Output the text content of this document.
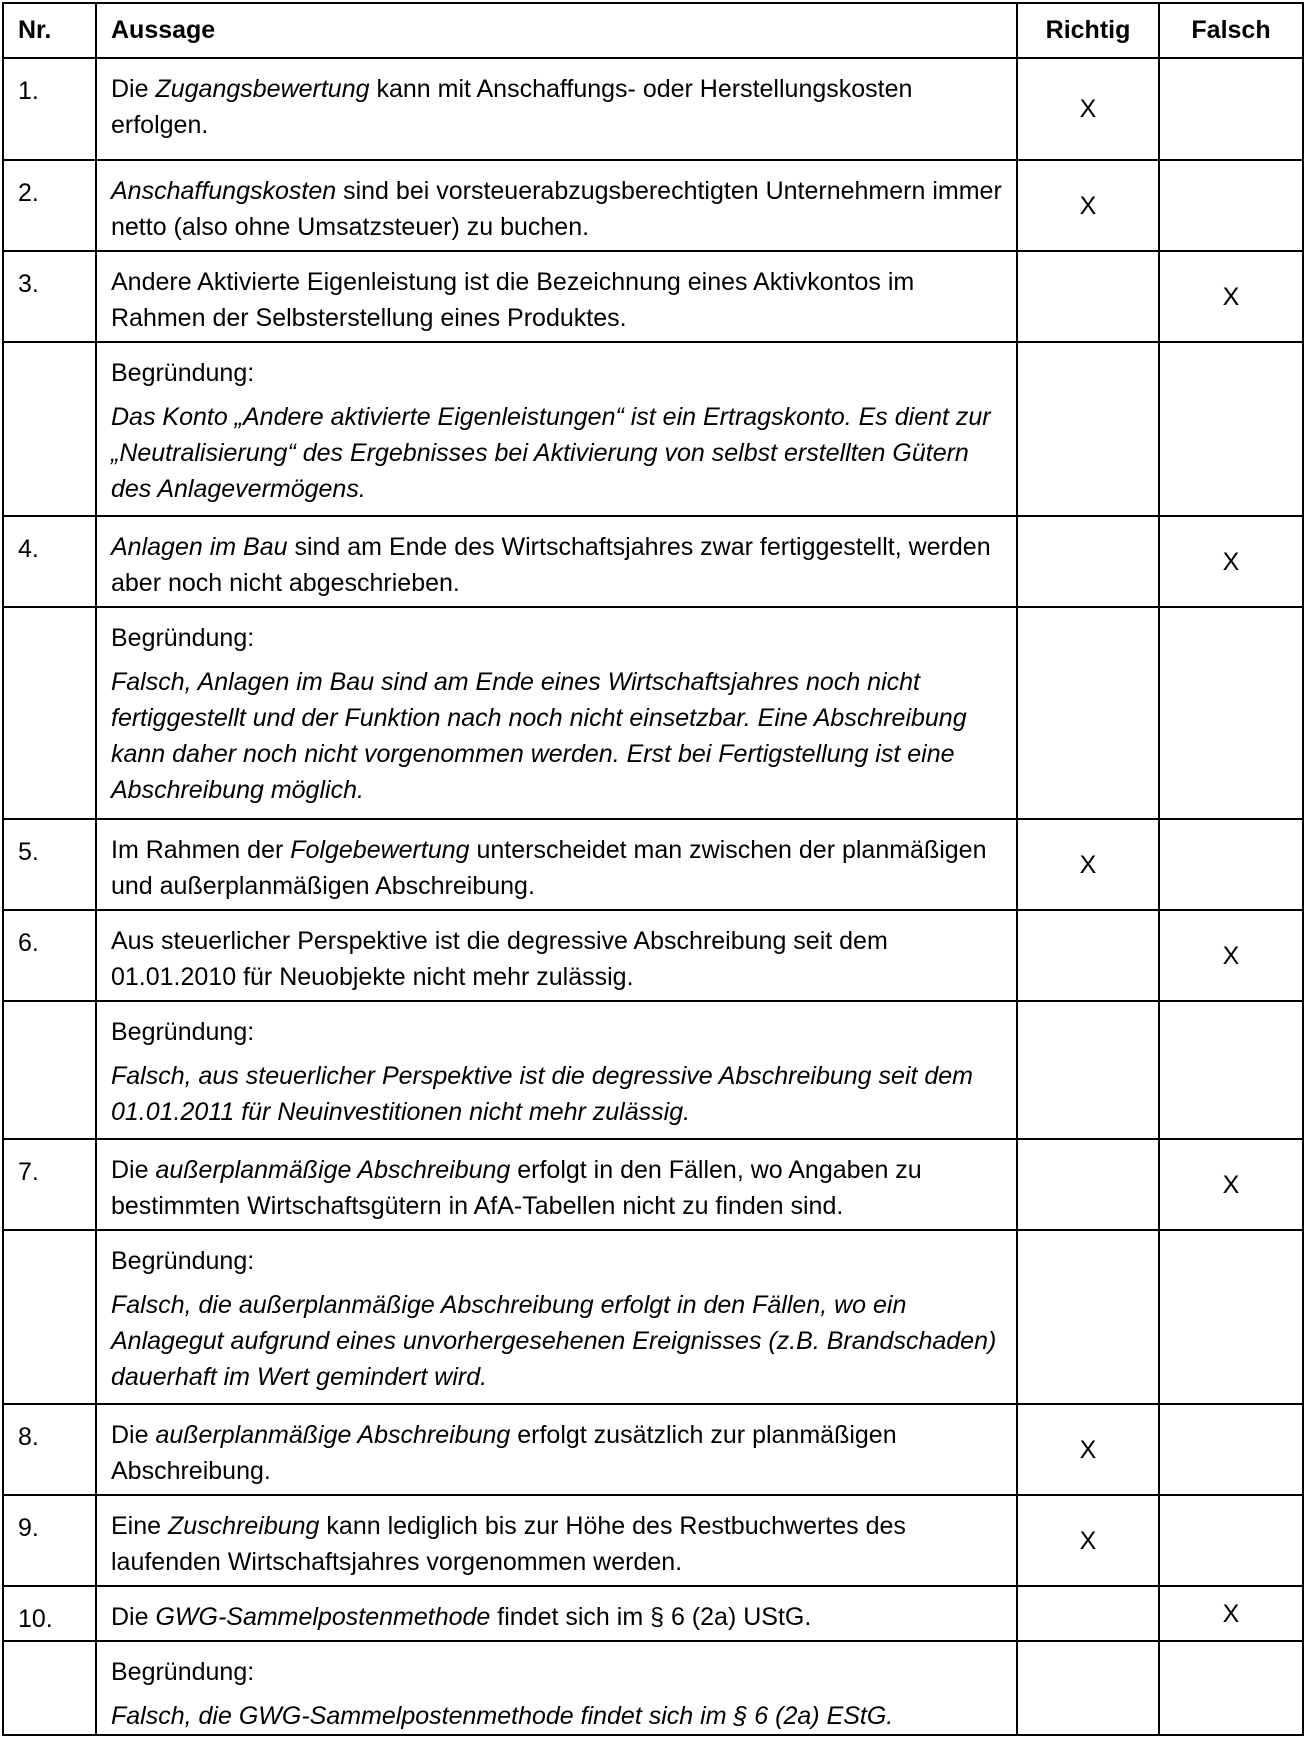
Nr.	Aussage	Richtig	Falsch
1.	Die Zugangsbewertung kann mit Anschaffungs- oder Herstellungskosten erfolgen.	X	
2.	Anschaffungskosten sind bei vorsteuerabzugsberechtigten Unternehmern immer netto (also ohne Umsatzsteuer) zu buchen.	X	
3.	Andere Aktivierte Eigenleistung ist die Bezeichnung eines Aktivkontos im Rahmen der Selbsterstellung eines Produktes.		X

	Begründung:
Das Konto „Andere aktivierte Eigenleistungen“ ist ein Ertragskonto. Es dient zur „Neutralisierung“ des Ergebnisses bei Aktivierung von selbst erstellten Gütern des Anlagevermögens.		

4.	Anlagen im Bau sind am Ende des Wirtschaftsjahres zwar fertiggestellt, werden aber noch nicht abgeschrieben.		X

	Begründung:
Falsch, Anlagen im Bau sind am Ende eines Wirtschaftsjahres noch nicht fertiggestellt und der Funktion nach noch nicht einsetzbar. Eine Abschreibung kann daher noch nicht vorgenommen werden. Erst bei Fertigstellung ist eine Abschreibung möglich.		

5.	Im Rahmen der Folgebewertung unterscheidet man zwischen der planmäßigen und außerplanmäßigen Abschreibung.	X	
6.	Aus steuerlicher Perspektive ist die degressive Abschreibung seit dem 01.01.2010 für Neuobjekte nicht mehr zulässig.		X

	Begründung:
Falsch, aus steuerlicher Perspektive ist die degressive Abschreibung seit dem 01.01.2011 für Neuinvestitionen nicht mehr zulässig.		

7.	Die außerplanmäßige Abschreibung erfolgt in den Fällen, wo Angaben zu bestimmten Wirtschaftsgütern in AfA-Tabellen nicht zu finden sind.		X

	Begründung:
Falsch, die außerplanmäßige Abschreibung erfolgt in den Fällen, wo ein Anlagegut aufgrund eines unvorhergesehenen Ereignisses (z.B. Brandschaden) dauerhaft im Wert gemindert wird.		

8.	Die außerplanmäßige Abschreibung erfolgt zusätzlich zur planmäßigen Abschreibung.	X	
9.	Eine Zuschreibung kann lediglich bis zur Höhe des Restbuchwertes des laufenden Wirtschaftsjahres vorgenommen werden.	X	
10.	Die GWG-Sammelpostenmethode findet sich im § 6 (2a) UStG.		X

	Begründung:
Falsch, die GWG-Sammelpostenmethode findet sich im § 6 (2a) EStG.		
